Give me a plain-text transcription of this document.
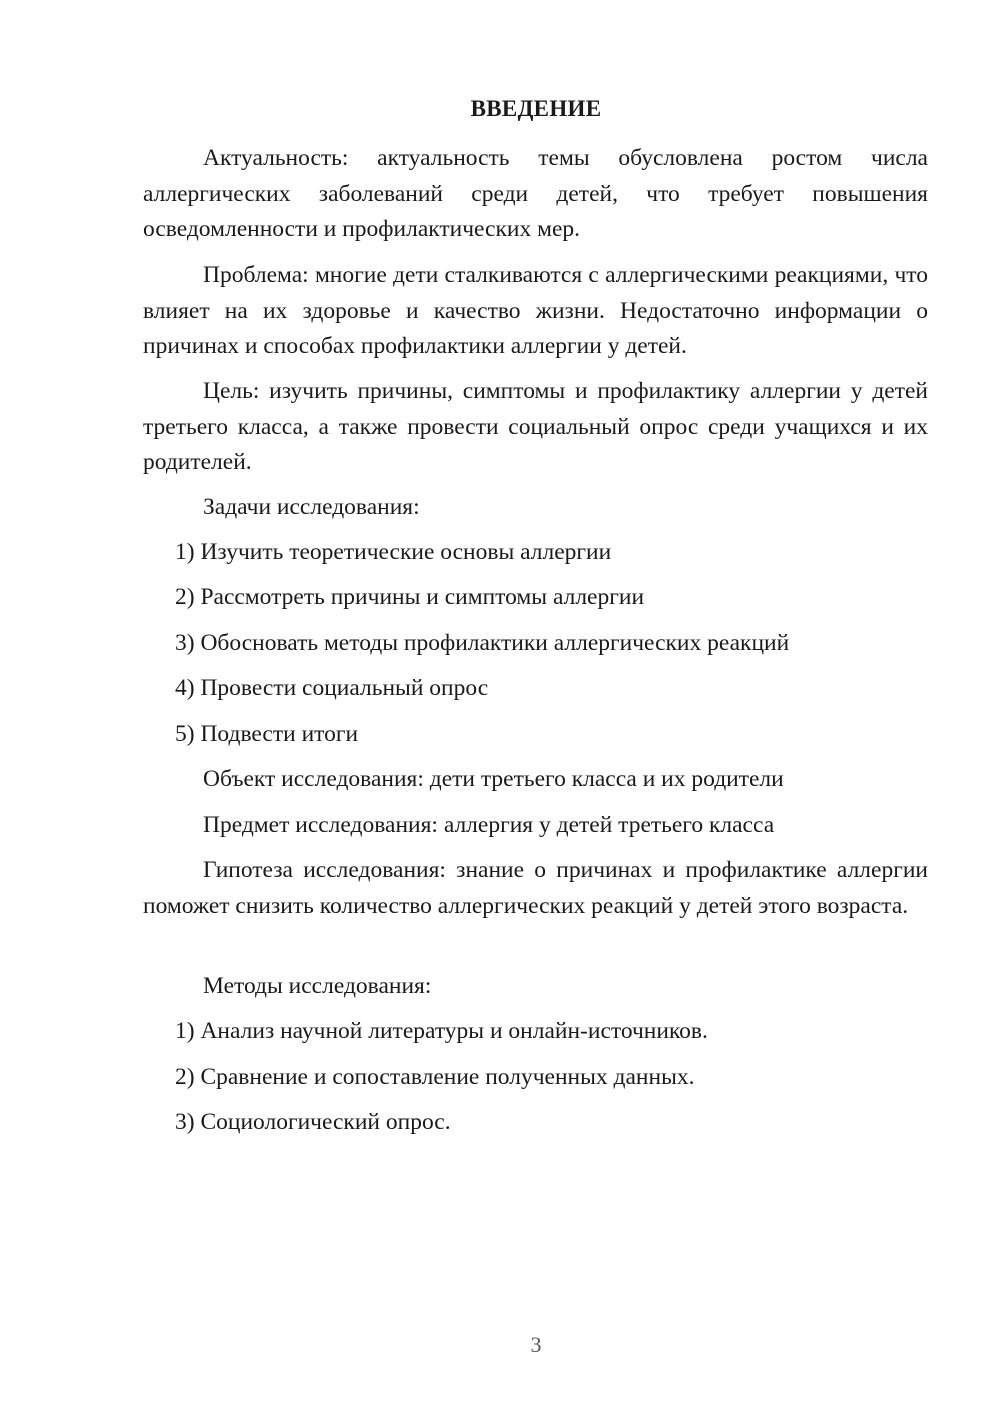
ВВЕДЕНИЕ
Актуальность: актуальность темы обусловлена ростом числа аллергических заболеваний среди детей, что требует повышения осведомленности и профилактических мер.
Проблема: многие дети сталкиваются с аллергическими реакциями, что влияет на их здоровье и качество жизни. Недостаточно информации о причинах и способах профилактики аллергии у детей.
Цель: изучить причины, симптомы и профилактику аллергии у детей третьего класса, а также провести социальный опрос среди учащихся и их родителей.
Задачи исследования:
1) Изучить теоретические основы аллергии
2) Рассмотреть причины и симптомы аллергии
3) Обосновать методы профилактики аллергических реакций
4) Провести социальный опрос
5) Подвести итоги
Объект исследования: дети третьего класса и их родители
Предмет исследования: аллергия у детей третьего класса
Гипотеза исследования: знание о причинах и профилактике аллергии поможет снизить количество аллергических реакций у детей этого возраста.
Методы исследования:
1) Анализ научной литературы и онлайн-источников.
2) Сравнение и сопоставление полученных данных.
3) Социологический опрос.
3
